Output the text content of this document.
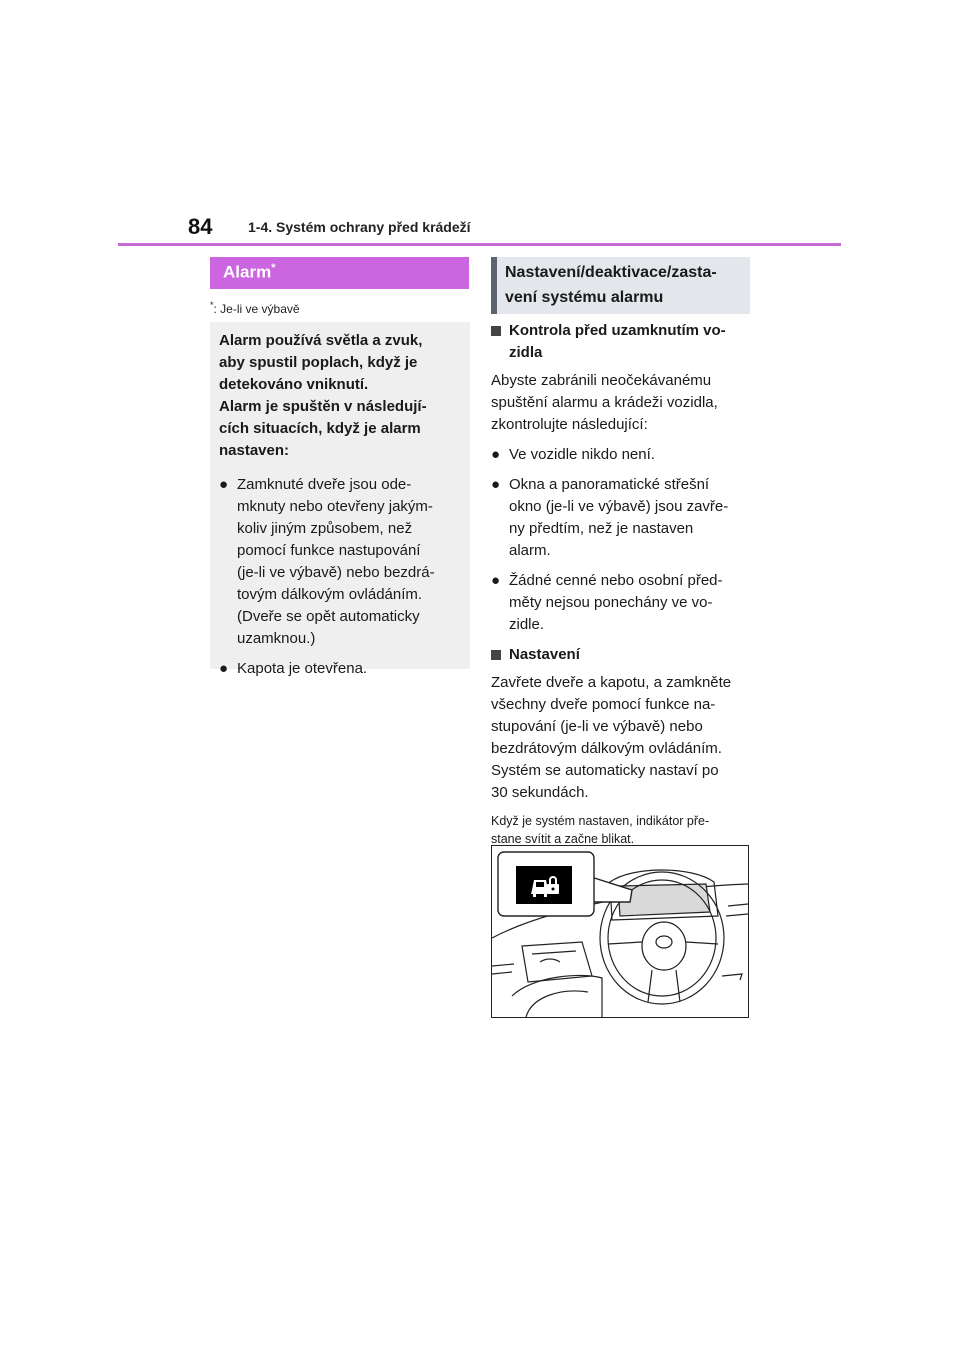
84	1-4. Systém ochrany před krádeží
Alarm*
*: Je-li ve výbavě

Alarm používá světla a zvuk,
aby spustil poplach, když je
detekováno vniknutí.
Alarm je spuštěn v následují-
cích situacích, když je alarm
nastaven:

● Zamknuté dveře jsou ode-
mknuty nebo otevřeny jakým-
koliv jiným způsobem, než
pomocí funkce nastupování
(je-li ve výbavě) nebo bezdrá-
tovým dálkovým ovládáním.
(Dveře se opět automaticky
uzamknou.)

● Kapota je otevřena.

Nastavení/deaktivace/zasta-
vení systému alarmu

Kontrola před uzamknutím vo-
zidla

Abyste zabránili neočekávanému
spuštění alarmu a krádeži vozidla,
zkontrolujte následující:

● Ve vozidle nikdo není.

● Okna a panoramatické střešní
okno (je-li ve výbavě) jsou zavře-
ny předtím, než je nastaven
alarm.

● Žádné cenné nebo osobní před-
měty nejsou ponechány ve vo-
zidle.

Nastavení

Zavřete dveře a kapotu, a zamkněte
všechny dveře pomocí funkce na-
stupování (je-li ve výbavě) nebo
bezdrátovým dálkovým ovládáním.
Systém se automaticky nastaví po
30 sekundách.

Když je systém nastaven, indikátor pře-
stane svítit a začne blikat.
